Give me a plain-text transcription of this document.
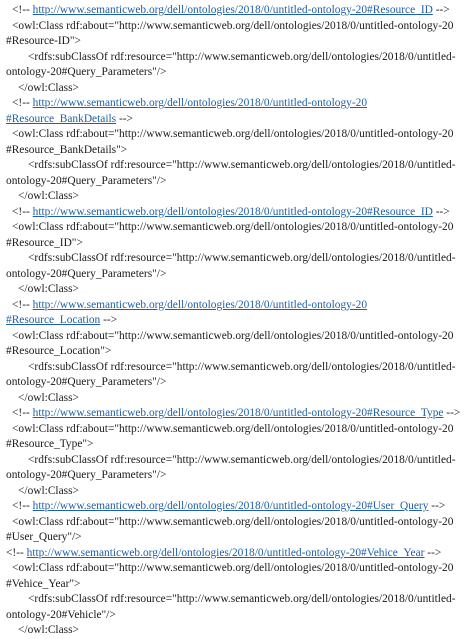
<!-- http://www.semanticweb.org/dell/ontologies/2018/0/untitled-ontology-20#Resource_ID -->
<owl:Class rdf:about="http://www.semanticweb.org/dell/ontologies/2018/0/untitled-ontology-20
#Resource-ID">
<rdfs:subClassOf rdf:resource="http://www.semanticweb.org/dell/ontologies/2018/0/untitled-
ontology-20#Query_Parameters"/>
</owl:Class>
<!-- http://www.semanticweb.org/dell/ontologies/2018/0/untitled-ontology-20
#Resource_BankDetails -->
<owl:Class rdf:about="http://www.semanticweb.org/dell/ontologies/2018/0/untitled-ontology-20
#Resource_BankDetails">
<rdfs:subClassOf rdf:resource="http://www.semanticweb.org/dell/ontologies/2018/0/untitled-
ontology-20#Query_Parameters"/>
</owl:Class>
<!-- http://www.semanticweb.org/dell/ontologies/2018/0/untitled-ontology-20#Resource_ID -->
<owl:Class rdf:about="http://www.semanticweb.org/dell/ontologies/2018/0/untitled-ontology-20
#Resource_ID">
<rdfs:subClassOf rdf:resource="http://www.semanticweb.org/dell/ontologies/2018/0/untitled-
ontology-20#Query_Parameters"/>
</owl:Class>
<!-- http://www.semanticweb.org/dell/ontologies/2018/0/untitled-ontology-20
#Resource_Location -->
<owl:Class rdf:about="http://www.semanticweb.org/dell/ontologies/2018/0/untitled-ontology-20
#Resource_Location">
<rdfs:subClassOf rdf:resource="http://www.semanticweb.org/dell/ontologies/2018/0/untitled-
ontology-20#Query_Parameters"/>
</owl:Class>
<!-- http://www.semanticweb.org/dell/ontologies/2018/0/untitled-ontology-20#Resource_Type -->
<owl:Class rdf:about="http://www.semanticweb.org/dell/ontologies/2018/0/untitled-ontology-20
#Resource_Type">
<rdfs:subClassOf rdf:resource="http://www.semanticweb.org/dell/ontologies/2018/0/untitled-
ontology-20#Query_Parameters"/>
</owl:Class>
<!-- http://www.semanticweb.org/dell/ontologies/2018/0/untitled-ontology-20#User_Query -->
<owl:Class rdf:about="http://www.semanticweb.org/dell/ontologies/2018/0/untitled-ontology-20
#User_Query"/>
<!-- http://www.semanticweb.org/dell/ontologies/2018/0/untitled-ontology-20#Vehice_Year -->
<owl:Class rdf:about="http://www.semanticweb.org/dell/ontologies/2018/0/untitled-ontology-20
#Vehice_Year">
<rdfs:subClassOf rdf:resource="http://www.semanticweb.org/dell/ontologies/2018/0/untitled-
ontology-20#Vehicle"/>
</owl:Class>
